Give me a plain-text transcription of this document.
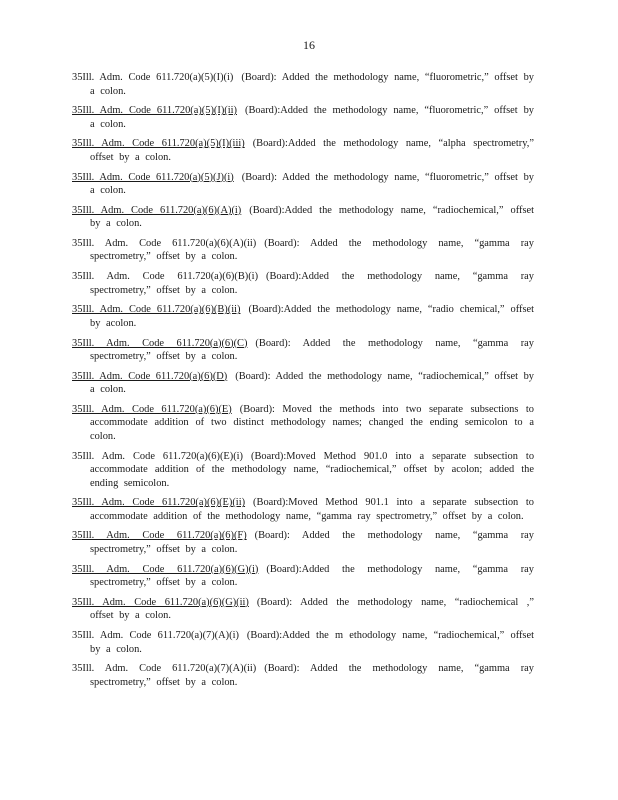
16
35Ill. Adm. Code 611.720(a)(5)(I)(i) (Board): Added the methodology name, “fluorometric,” offset by a colon.
35Ill. Adm. Code 611.720(a)(5)(I)(ii) (Board):Added the methodology name, “fluorometric,” offset by a colon.
35Ill. Adm. Code 611.720(a)(5)(I)(iii) (Board):Added the methodology name, “alpha spectrometry,” offset by a colon.
35Ill. Adm. Code 611.720(a)(5)(J)(i) (Board): Added the methodology name, “fluorometric,” offset by a colon.
35Ill. Adm. Code 611.720(a)(6)(A)(i) (Board):Added the methodology name, “radiochemical,” offset by a colon.
35Ill. Adm. Code 611.720(a)(6)(A)(ii) (Board): Added the methodology name, “gamma ray spectrometry,” offset by a colon.
35Ill. Adm. Code 611.720(a)(6)(B)(i) (Board):Added the methodology name, “gamma ray spectrometry,” offset by a colon.
35Ill. Adm. Code 611.720(a)(6)(B)(ii) (Board):Added the methodology name, “radio chemical,” offset by acolon.
35Ill. Adm. Code 611.720(a)(6)(C) (Board): Added the methodology name, “gamma ray spectrometry,” offset by a colon.
35Ill. Adm. Code 611.720(a)(6)(D) (Board): Added the methodology name, “radiochemical,” offset by a colon.
35Ill. Adm. Code 611.720(a)(6)(E) (Board): Moved the methods into two separate subsections to accommodate addition of two distinct methodology names; changed the ending semicolon to a colon.
35Ill. Adm. Code 611.720(a)(6)(E)(i) (Board):Moved Method 901.0 into a separate subsection to accommodate addition of the methodology name, “radiochemical,” offset by acolon; added the ending semicolon.
35Ill. Adm. Code 611.720(a)(6)(E)(ii) (Board):Moved Method 901.1 into a separate subsection to accommodate addition of the methodology name, “gamma ray spectrometry,” offset by a colon.
35Ill. Adm. Code 611.720(a)(6)(F) (Board): Added the methodology name, “gamma ray spectrometry,” offset by a colon.
35Ill. Adm. Code 611.720(a)(6)(G)(i) (Board):Added the methodology name, “gamma ray spectrometry,” offset by a colon.
35Ill. Adm. Code 611.720(a)(6)(G)(ii) (Board): Added the methodology name, “radiochemical ,” offset by a colon.
35Ill. Adm. Code 611.720(a)(7)(A)(i) (Board):Added the m ethodology name, “radiochemical,” offset by a colon.
35Ill. Adm. Code 611.720(a)(7)(A)(ii) (Board): Added the methodology name, “gamma ray spectrometry,” offset by a colon.
